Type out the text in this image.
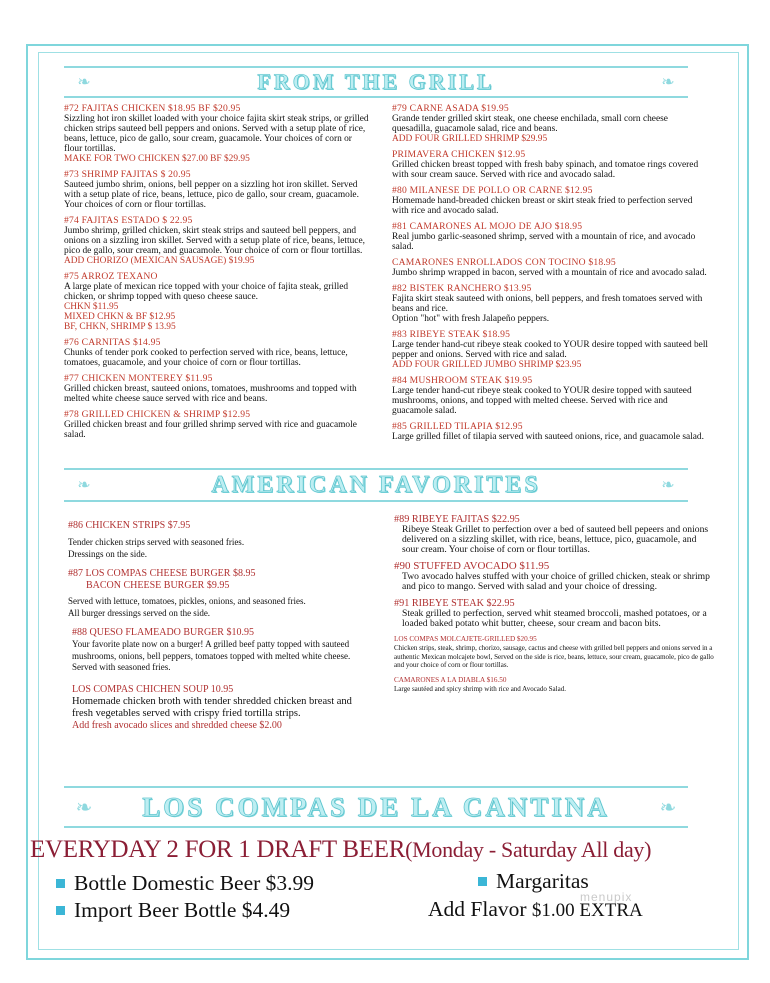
❧	FROM THE GRILL	❧
#72 FAJITAS CHICKEN $18.95 BF $20.95
Sizzling hot iron skillet loaded with your choice fajita skirt steak strips, or grilled chicken strips sauteed bell peppers and onions. Served with a setup plate of rice, beans, lettuce, pico de gallo, sour cream, guacamole. Your choices of corn or flour tortillas.
MAKE FOR TWO CHICKEN $27.00 BF $29.95
#73 SHRIMP FAJITAS $ 20.95
Sauteed jumbo shrim, onions, bell pepper on a sizzling hot iron skillet. Served with a setup plate of rice, beans, lettuce, pico de gallo, sour cream, guacamole. Your choices of corn or flour tortillas.
#74 FAJITAS ESTADO $ 22.95
Jumbo shrimp, grilled chicken, skirt steak strips and sauteed bell peppers, and onions on a sizzling iron skillet. Served with a setup plate of rice, beans, lettuce, pico de gallo, sour cream, and guacamole. Your choice of corn or flour tortillas.
ADD CHORIZO (MEXICAN SAUSAGE) $19.95
#75 ARROZ TEXANO
A large plate of mexican rice topped with your choice of fajita steak, grilled chicken, or shrimp topped with queso cheese sauce.
CHKN $11.95
MIXED CHKN & BF $12.95
BF, CHKN, SHRIMP $ 13.95
#76 CARNITAS $14.95
Chunks of tender pork cooked to perfection served with rice, beans, lettuce, tomatoes, guacamole, and your choice of corn or flour tortillas.
#77 CHICKEN MONTEREY $11.95
Grilled chicken breast, sauteed onions, tomatoes, mushrooms and topped with melted white cheese sauce served with rice and beans.
#78 GRILLED CHICKEN & SHRIMP $12.95
Grilled chicken breast and four grilled shrimp served with rice and guacamole salad.
#79 CARNE ASADA $19.95
Grande tender grilled skirt steak, one cheese enchilada, small corn cheese quesadilla, guacamole salad, rice and beans.
ADD FOUR GRILLED SHRIMP $29.95
PRIMAVERA CHICKEN $12.95
Grilled chicken breast topped with fresh baby spinach, and tomatoe rings covered with sour cream sauce. Served with rice and avocado salad.
#80 MILANESE DE POLLO OR CARNE $12.95
Homemade hand-breaded chicken breast or skirt steak fried to perfection served with rice and avocado salad.
#81 CAMARONES AL MOJO DE AJO $18.95
Real jumbo garlic-seasoned shrimp, served with a mountain of rice, and avocado salad.
CAMARONES ENROLLADOS CON TOCINO $18.95
Jumbo shrimp wrapped in bacon, served with a mountain of rice and avocado salad.
#82 BISTEK RANCHERO $13.95
Fajita skirt steak sauteed with onions, bell peppers, and fresh tomatoes served with beans and rice.
Option "hot" with fresh Jalapeño peppers.
#83 RIBEYE STEAK $18.95
Large tender hand-cut ribeye steak cooked to YOUR desire topped with sauteed bell pepper and onions. Served with rice and salad.
ADD FOUR GRILLED JUMBO SHRIMP $23.95
#84 MUSHROOM STEAK $19.95
Large tender hand-cut ribeye steak cooked to YOUR desire topped with sauteed mushrooms, onions, and topped with melted cheese. Served with rice and guacamole salad.
#85 GRILLED TILAPIA $12.95
Large grilled fillet of tilapia served with sauteed onions, rice, and guacamole salad.
❧	AMERICAN FAVORITES	❧
#86 CHICKEN STRIPS $7.95
Tender chicken strips served with seasoned fries.
Dressings on the side.
#87 LOS COMPAS CHEESE BURGER $8.95
BACON CHEESE BURGER $9.95
Served with lettuce, tomatoes, pickles, onions, and seasoned fries.
All burger dressings served on the side.
#88 QUESO FLAMEADO BURGER $10.95
Your favorite plate now on a burger! A grilled beef patty topped with sauteed mushrooms, onions, bell peppers, tomatoes topped with melted white cheese. Served with seasoned fries.
LOS COMPAS CHICHEN SOUP 10.95
Homemade chicken broth with tender shredded chicken breast and fresh vegetables served with crispy fried tortilla strips.
Add fresh avocado slices and shredded cheese $2.00
#89 RIBEYE FAJITAS $22.95
Ribeye Steak Grillet to perfection over a bed of sauteed bell pepeers and onions delivered on a sizzling skillet, with rice, beans, lettuce, pico, guacamole, and sour cream. Your choise of corn or flour tortillas.
#90 STUFFED AVOCADO $11.95
Two avocado halves stuffed with your choice of grilled chicken, steak or shrimp and pico to mango. Served with salad and your choice of dressing.
#91 RIBEYE STEAK $22.95
Steak grilled to perfection, served whit steamed broccoli, mashed potatoes, or a loaded baked potato whit butter, cheese, sour cream and bacon bits.
LOS COMPAS MOLCAJETE-GRILLED $20.95
Chicken strips, steak, shrimp, chorizo, sausage, cactus and cheese with grilled bell peppers and onions served in a authentic Mexican molcajete bowl, Served on the side is rice, beans, lettuce, sour cream, guacamole, pico de gallo and your choice of corn or flour tortillas.
CAMARONES A LA DIABLA $16.50
Large sautéed and spicy shrimp with rice and Avocado Salad.
❧	LOS COMPAS DE LA CANTINA	❧
EVERYDAY 2 FOR 1 DRAFT BEER(Monday - Saturday All day)
Bottle Domestic Beer $3.99
Import Beer Bottle $4.49
Margaritas
Add Flavor $1.00 EXTRA
menupix
